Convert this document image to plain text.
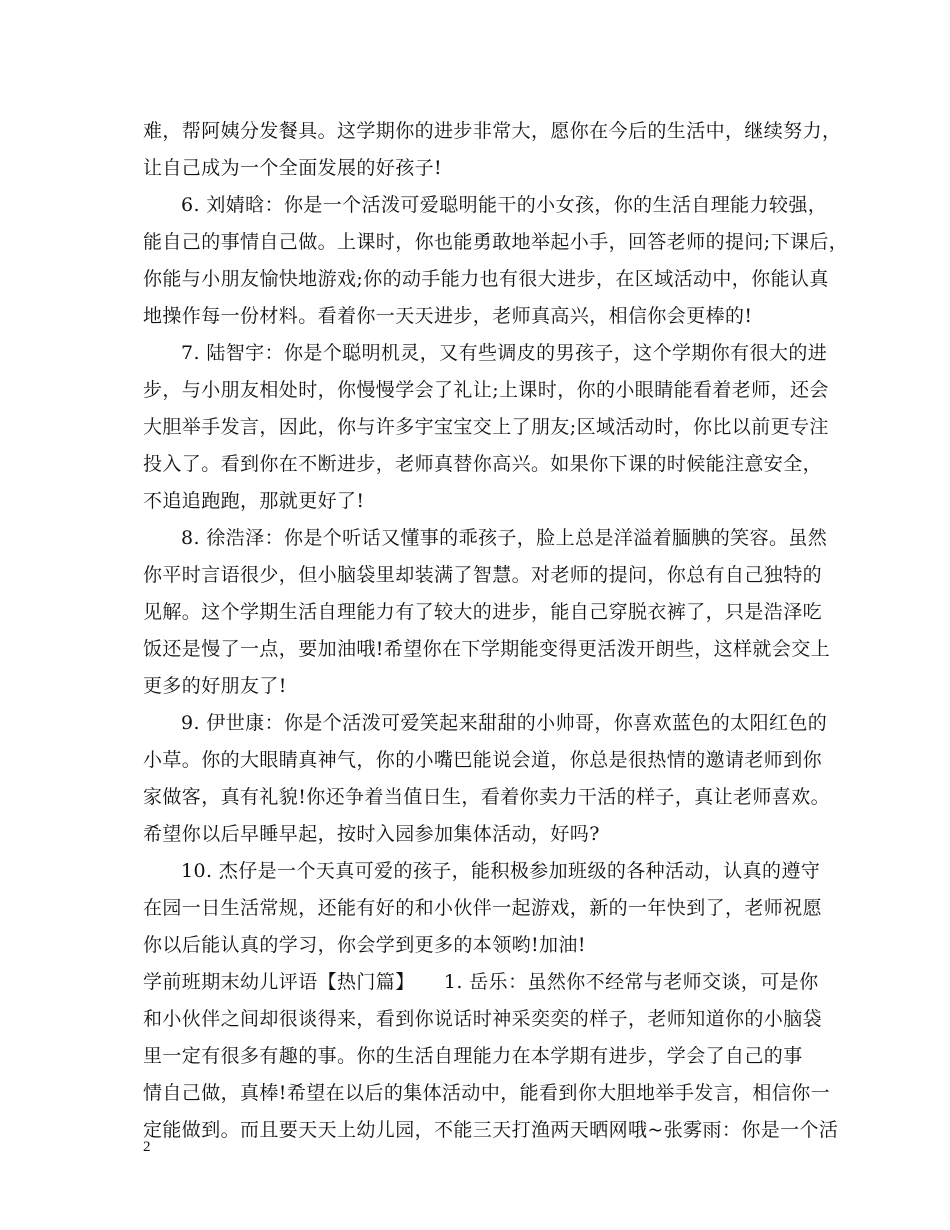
难，帮阿姨分发餐具。这学期你的进步非常大，愿你在今后的生活中，继续努力，
让自己成为一个全面发展的好孩子!
6. 刘婧晗：你是一个活泼可爱聪明能干的小女孩，你的生活自理能力较强，
能自己的事情自己做。上课时，你也能勇敢地举起小手，回答老师的提问;下课后，
你能与小朋友愉快地游戏;你的动手能力也有很大进步，在区域活动中，你能认真
地操作每一份材料。看着你一天天进步，老师真高兴，相信你会更棒的!
7. 陆智宇：你是个聪明机灵，又有些调皮的男孩子，这个学期你有很大的进
步，与小朋友相处时，你慢慢学会了礼让;上课时，你的小眼睛能看着老师，还会
大胆举手发言，因此，你与许多宇宝宝交上了朋友;区域活动时，你比以前更专注
投入了。看到你在不断进步，老师真替你高兴。如果你下课的时候能注意安全，
不追追跑跑，那就更好了!
8. 徐浩泽：你是个听话又懂事的乖孩子，脸上总是洋溢着腼腆的笑容。虽然
你平时言语很少，但小脑袋里却装满了智慧。对老师的提问，你总有自己独特的
见解。这个学期生活自理能力有了较大的进步，能自己穿脱衣裤了，只是浩泽吃
饭还是慢了一点，要加油哦!希望你在下学期能变得更活泼开朗些，这样就会交上
更多的好朋友了!
9. 伊世康：你是个活泼可爱笑起来甜甜的小帅哥，你喜欢蓝色的太阳红色的
小草。你的大眼睛真神气，你的小嘴巴能说会道，你总是很热情的邀请老师到你
家做客，真有礼貌!你还争着当值日生，看着你卖力干活的样子，真让老师喜欢。
希望你以后早睡早起，按时入园参加集体活动，好吗?
10. 杰仔是一个天真可爱的孩子，能积极参加班级的各种活动，认真的遵守
在园一日生活常规，还能有好的和小伙伴一起游戏，新的一年快到了，老师祝愿
你以后能认真的学习，你会学到更多的本领哟!加油!
学前班期末幼儿评语【热门篇】　　1. 岳乐：虽然你不经常与老师交谈，可是你
和小伙伴之间却很谈得来，看到你说话时神采奕奕的样子，老师知道你的小脑袋
里一定有很多有趣的事。你的生活自理能力在本学期有进步，学会了自己的事
情自己做，真棒!希望在以后的集体活动中，能看到你大胆地举手发言，相信你一
定能做到。而且要天天上幼儿园，不能三天打渔两天晒网哦~张雾雨：你是一个活
2
